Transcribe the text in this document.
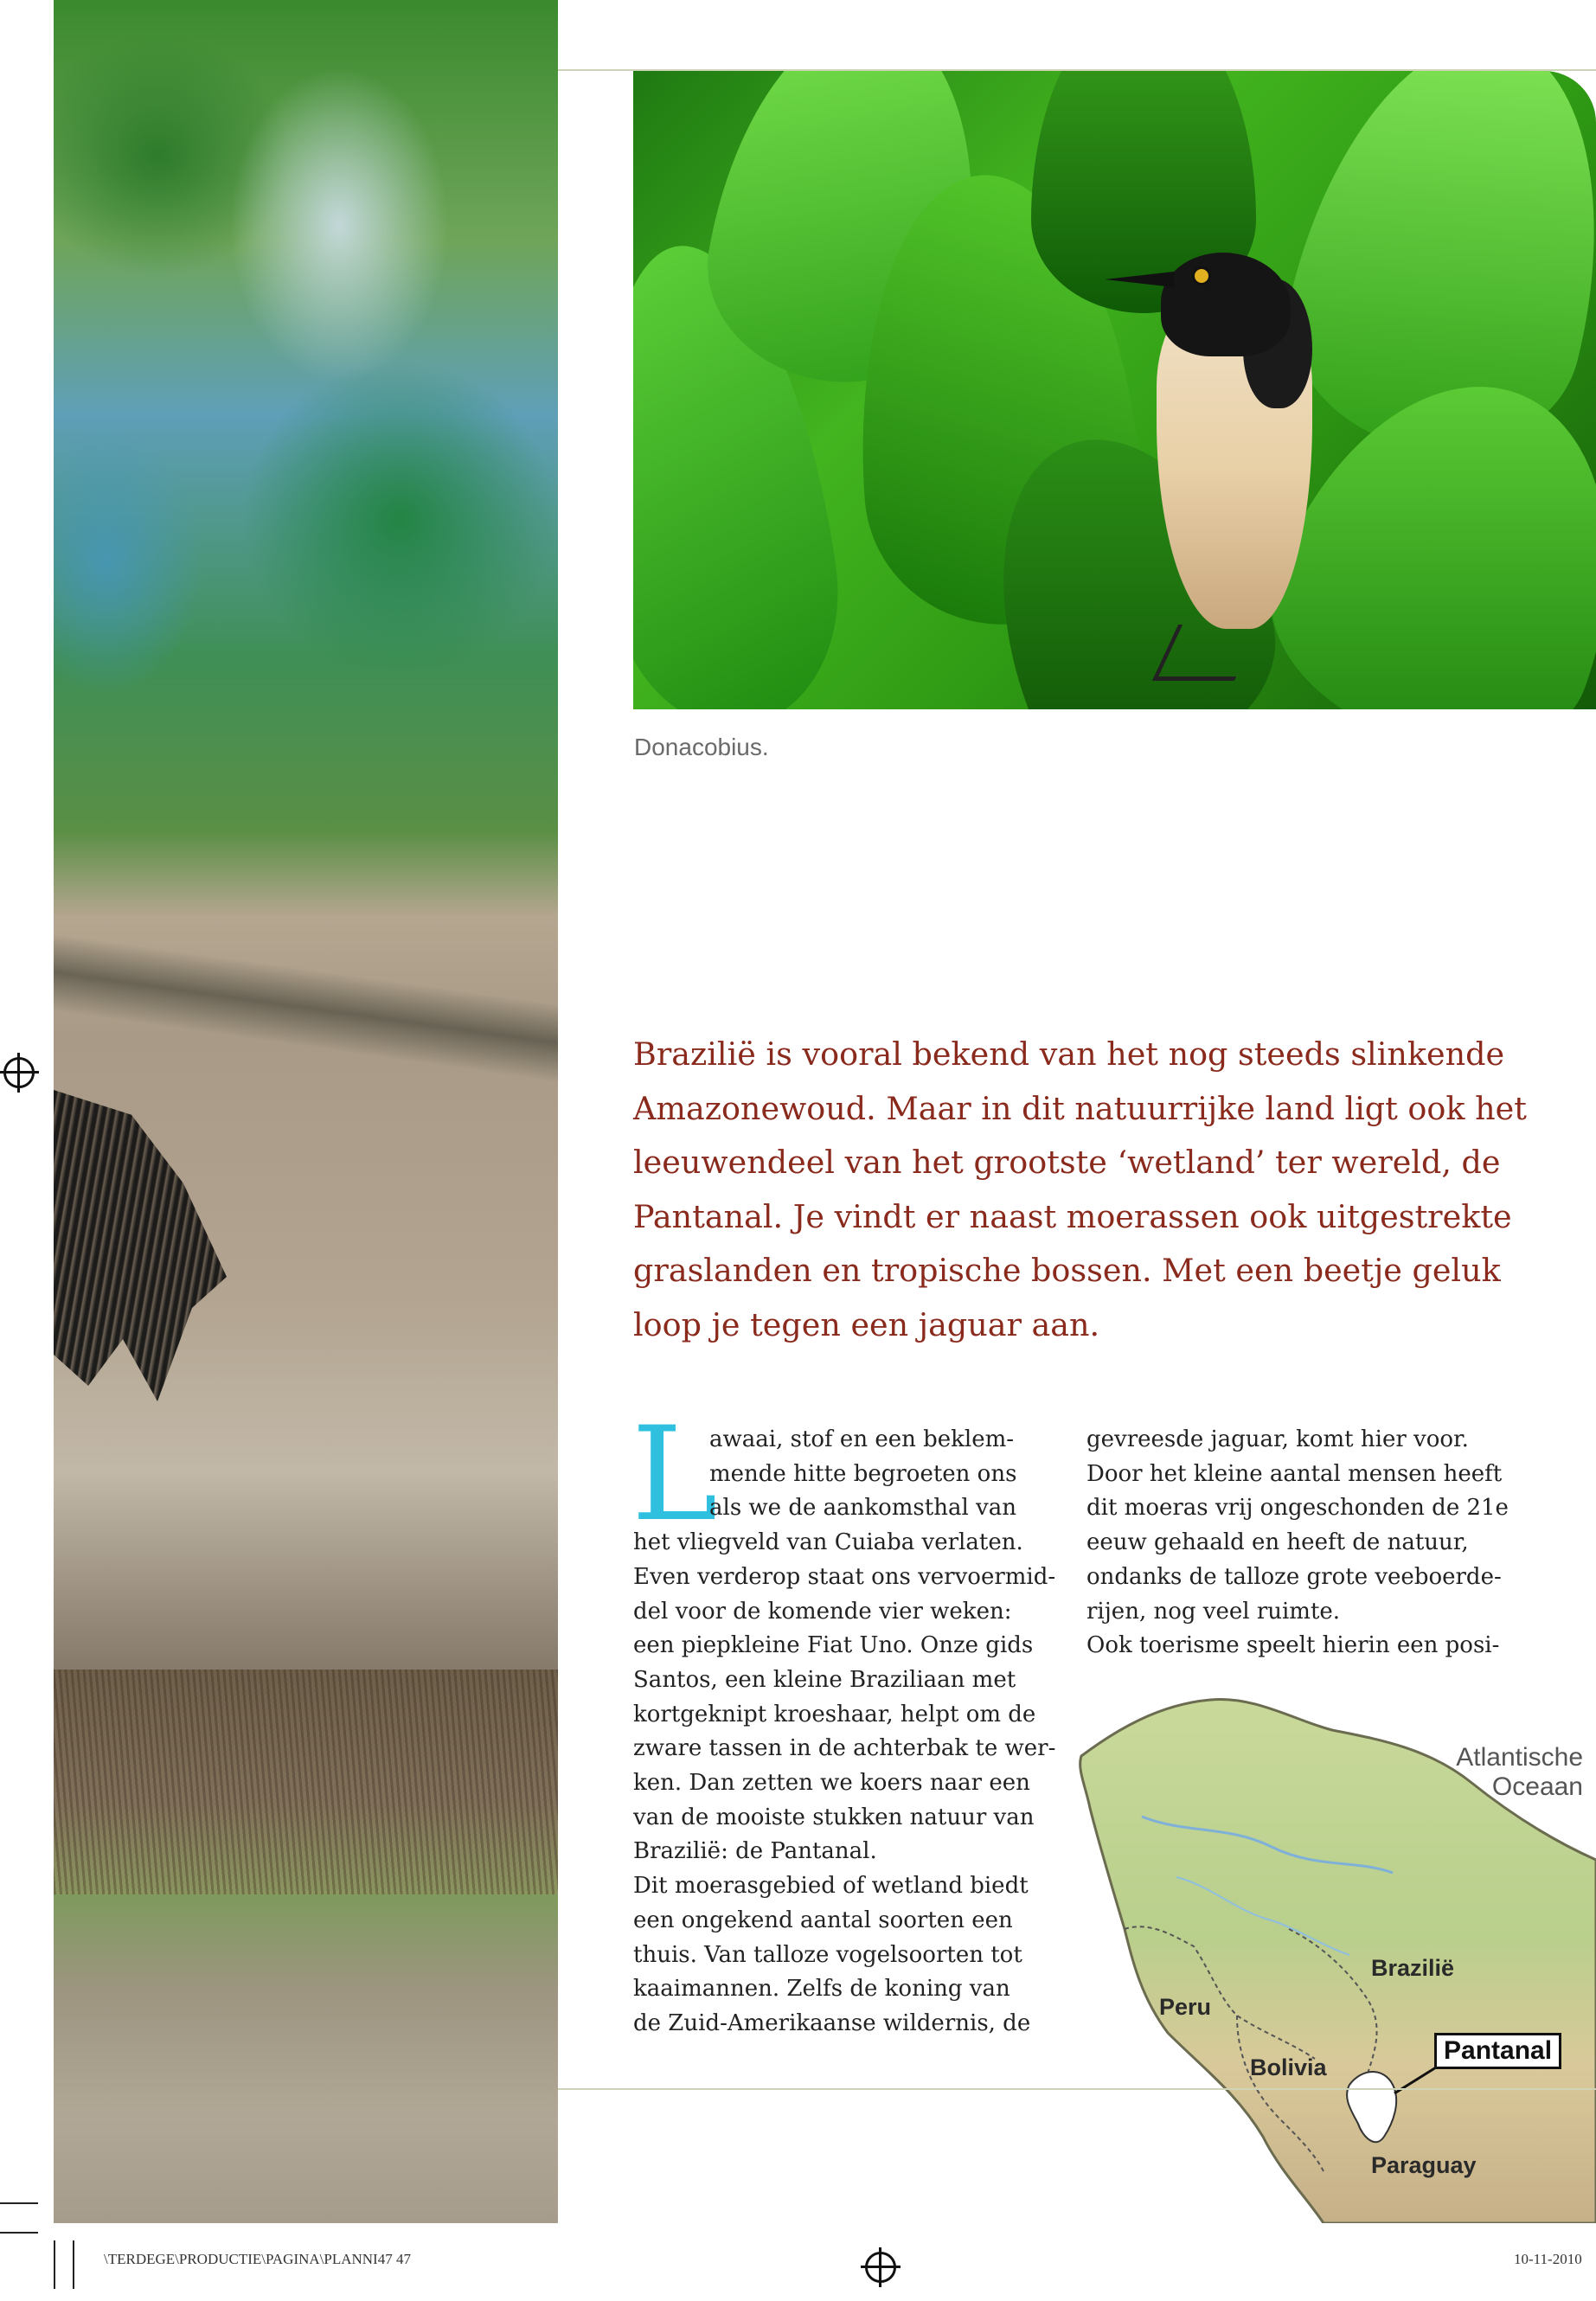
Donacobius.

Brazilië is vooral bekend van het nog steeds slinkende
Amazonewoud. Maar in dit natuurrijke land ligt ook het
leeuwendeel van het grootste ‘wetland’ ter wereld, de
Pantanal. Je vindt er naast moerassen ook uitgestrekte
graslanden en tropische bossen. Met een beetje geluk
loop je tegen een jaguar aan.

L

awaai, stof en een beklem-
mende hitte begroeten ons
als we de aankomsthal van
het vliegveld van Cuiaba verlaten.
Even verderop staat ons vervoermid-
del voor de komende vier weken:
een piepkleine Fiat Uno. Onze gids
Santos, een kleine Braziliaan met
kortgeknipt kroeshaar, helpt om de
zware tassen in de achterbak te wer-
ken. Dan zetten we koers naar een
van de mooiste stukken natuur van
Brazilië: de Pantanal.
Dit moerasgebied of wetland biedt
een ongekend aantal soorten een
thuis. Van talloze vogelsoorten tot
kaaimannen. Zelfs de koning van
de Zuid-Amerikaanse wildernis, de

gevreesde jaguar, komt hier voor.
Door het kleine aantal mensen heeft
dit moeras vrij ongeschonden de 21e
eeuw gehaald en heeft de natuur,
ondanks de talloze grote veeboerde-
rijen, nog veel ruimte.
Ook toerisme speelt hierin een posi-

Atlantische
Oceaan
Brazilië
Peru
Bolivia
Pantanal
Paraguay
\TERDEGE\PRODUCTIE\PAGINA\PLANNI47 47	10-11-2010
